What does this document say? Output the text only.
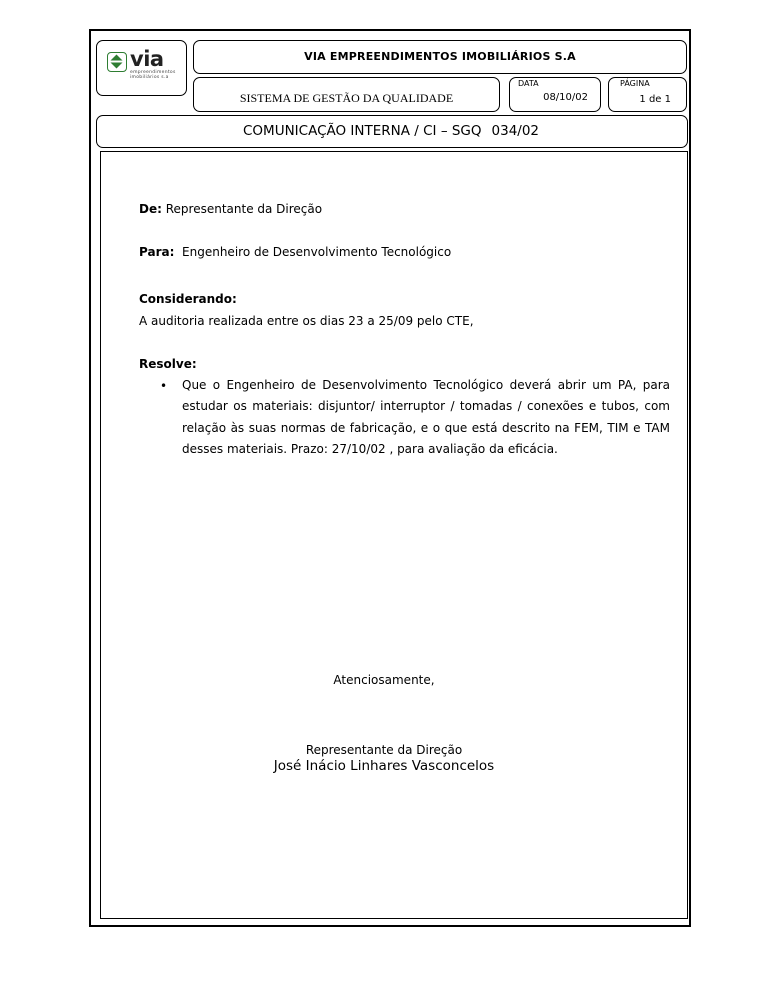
via
empreendimentos
imobiliários s.a
VIA EMPREENDIMENTOS IMOBILIÁRIOS S.A
SISTEMA DE GESTÃO DA QUALIDADE
DATA
08/10/02
PÁGINA
1 de 1
COMUNICAÇÃO INTERNA / CI – SGQ 034/02
De: Representante da Direção
Para: Engenheiro de Desenvolvimento Tecnológico
Considerando:
A auditoria realizada entre os dias 23 a 25/09 pelo CTE,
Resolve:
• Que o Engenheiro de Desenvolvimento Tecnológico deverá abrir um PA, para estudar os materiais: disjuntor/ interruptor / tomadas / conexões e tubos, com relação às suas normas de fabricação, e o que está descrito na FEM, TIM e TAM desses materiais. Prazo: 27/10/02 , para avaliação da eficácia.
Atenciosamente,
Representante da Direção
José Inácio Linhares Vasconcelos
